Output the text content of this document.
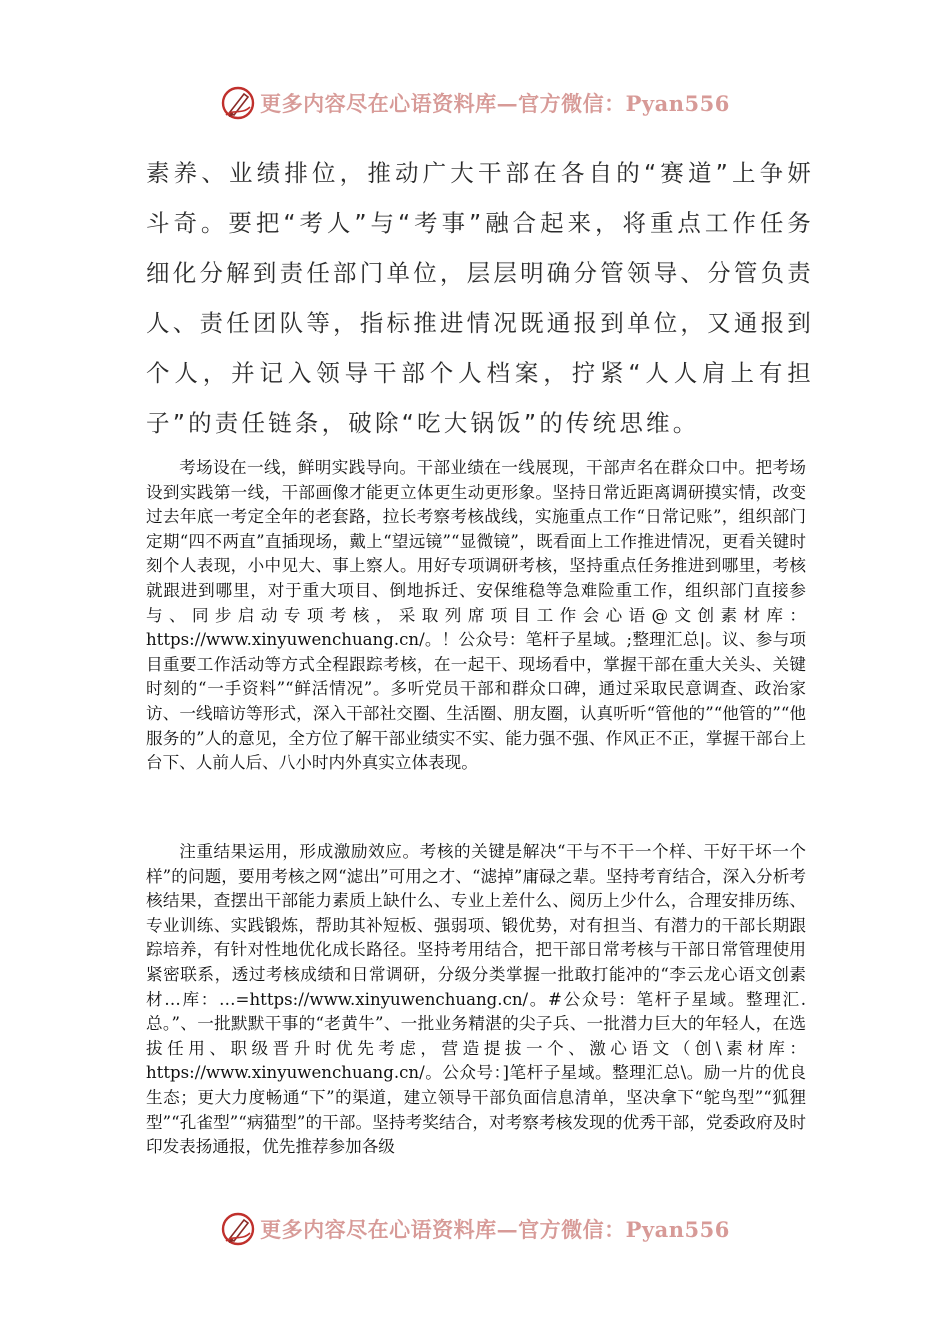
更多内容尽在心语资料库—官方微信：Pyan556
素养、业绩排位，推动广大干部在各自的“赛道”上争妍斗奇。要把“考人”与“考事”融合起来，将重点工作任务细化分解到责任部门单位，层层明确分管领导、分管负责人、责任团队等，指标推进情况既通报到单位，又通报到个人，并记入领导干部个人档案，拧紧“人人肩上有担子”的责任链条，破除“吃大锅饭”的传统思维。
考场设在一线，鲜明实践导向。干部业绩在一线展现，干部声名在群众口中。把考场设到实践第一线，干部画像才能更立体更生动更形象。坚持日常近距离调研摸实情，改变过去年底一考定全年的老套路，拉长考察考核战线，实施重点工作“日常记账”，组织部门定期“四不两直”直插现场，戴上“望远镜”“显微镜”，既看面上工作推进情况，更看关键时刻个人表现，小中见大、事上察人。用好专项调研考核，坚持重点任务推进到哪里，考核就跟进到哪里，对于重大项目、倒地拆迁、安保维稳等急难险重工作，组织部门直接参与、同步启动专项考核，采取列席项目工作会心语@文创素材库：https://www.xinyuwenchuang.cn/。！公众号：笔杆子星域。;整理汇总|。议、参与项目重要工作活动等方式全程跟踪考核，在一起干、现场看中，掌握干部在重大关头、关键时刻的“一手资料”“鲜活情况”。多听党员干部和群众口碑，通过采取民意调查、政治家访、一线暗访等形式，深入干部社交圈、生活圈、朋友圈，认真听听“管他的”“他管的”“他服务的”人的意见，全方位了解干部业绩实不实、能力强不强、作风正不正，掌握干部台上台下、人前人后、八小时内外真实立体表现。
注重结果运用，形成激励效应。考核的关键是解决“干与不干一个样、干好干坏一个样”的问题，要用考核之网“滤出”可用之才、“滤掉”庸碌之辈。坚持考育结合，深入分析考核结果，查摆出干部能力素质上缺什么、专业上差什么、阅历上少什么，合理安排历练、专业训练、实践锻炼，帮助其补短板、强弱项、锻优势，对有担当、有潜力的干部长期跟踪培养，有针对性地优化成长路径。坚持考用结合，把干部日常考核与干部日常管理使用紧密联系，透过考核成绩和日常调研，分级分类掌握一批敢打能冲的“李云龙心语文创素材…库：…=https://www.xinyuwenchuang.cn/。#公众号：笔杆子星域。整理汇.总。”、一批默默干事的“老黄牛”、一批业务精湛的尖子兵、一批潜力巨大的年轻人，在选拔任用、职级晋升时优先考虑，营造提拔一个、激心语文（创\素材库：https://www.xinyuwenchuang.cn/。公众号：]笔杆子星域。整理汇总\。励一片的优良生态；更大力度畅通“下”的渠道，建立领导干部负面信息清单，坚决拿下“鸵鸟型”“狐狸型”“孔雀型”“病猫型”的干部。坚持考奖结合，对考察考核发现的优秀干部，党委政府及时印发表扬通报，优先推荐参加各级
更多内容尽在心语资料库—官方微信：Pyan556
